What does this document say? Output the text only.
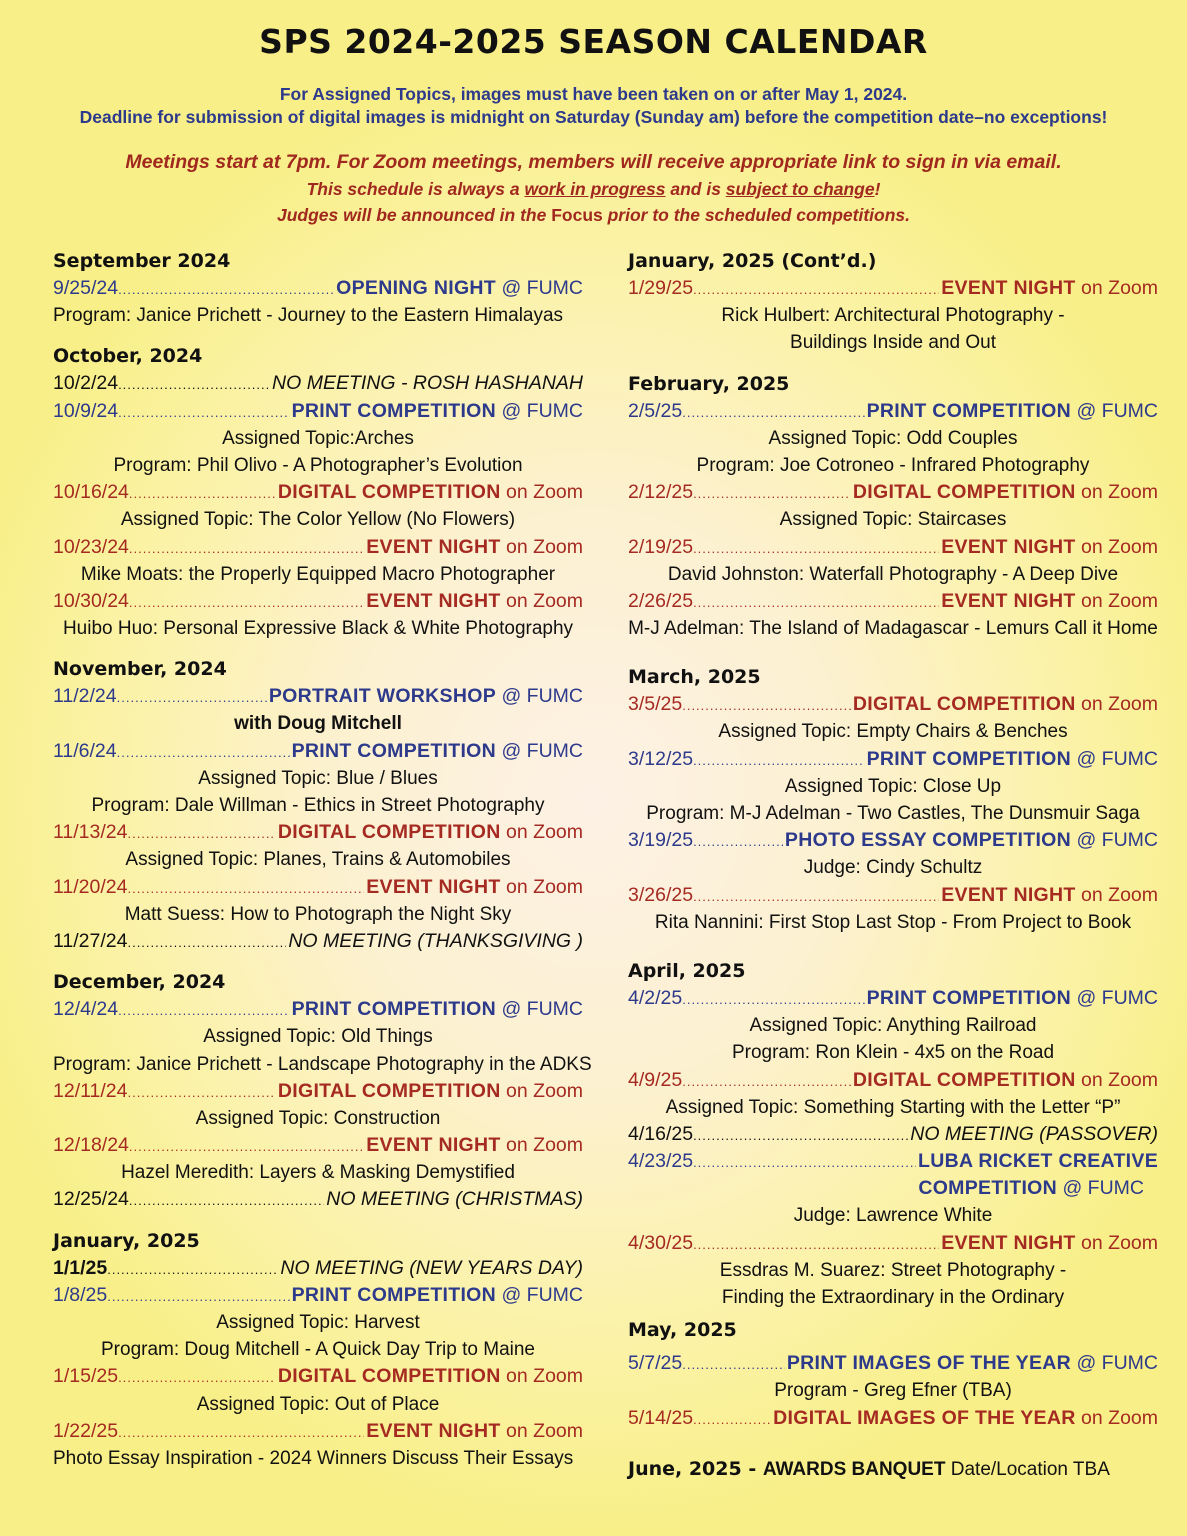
SPS 2024-2025 SEASON CALENDAR
For Assigned Topics, images must have been taken on or after May 1, 2024.
Deadline for submission of digital images is midnight on Saturday (Sunday am) before the competition date–no exceptions!
Meetings start at 7pm. For Zoom meetings, members will receive appropriate link to sign in via email.
This schedule is always a work in progress and is subject to change!
Judges will be announced in the Focus prior to the scheduled competitions.
September 2024
9/25/24 .....	OPENING NIGHT @ FUMC
Program: Janice Prichett - Journey to the Eastern Himalayas
October, 2024
10/2/24 .....	NO MEETING - ROSH HASHANAH
10/9/24 .....	PRINT COMPETITION @ FUMC
Assigned Topic:Arches
Program: Phil Olivo - A Photographer’s Evolution
10/16/24 .....	DIGITAL COMPETITION on Zoom
Assigned Topic: The Color Yellow (No Flowers)
10/23/24 .....	EVENT NIGHT on Zoom
Mike Moats: the Properly Equipped Macro Photographer
10/30/24 .....	EVENT NIGHT on Zoom
Huibo Huo: Personal Expressive Black & White Photography
November, 2024
11/2/24 .....	PORTRAIT WORKSHOP @ FUMC
with Doug Mitchell
11/6/24 .....	PRINT COMPETITION @ FUMC
Assigned Topic: Blue / Blues
Program: Dale Willman - Ethics in Street Photography
11/13/24 .....	DIGITAL COMPETITION on Zoom
Assigned Topic: Planes, Trains & Automobiles
11/20/24 .....	EVENT NIGHT on Zoom
Matt Suess: How to Photograph the Night Sky
11/27/24 .....	NO MEETING (THANKSGIVING )
December, 2024
12/4/24 .....	PRINT COMPETITION @ FUMC
Assigned Topic: Old Things
Program: Janice Prichett - Landscape Photography in the ADKS
12/11/24 .....	DIGITAL COMPETITION on Zoom
Assigned Topic: Construction
12/18/24 .....	EVENT NIGHT on Zoom
Hazel Meredith: Layers & Masking Demystified
12/25/24 .....	NO MEETING (CHRISTMAS)
January, 2025
1/1/25 .....	NO MEETING (NEW YEARS DAY)
1/8/25 .....	PRINT COMPETITION @ FUMC
Assigned Topic: Harvest
Program: Doug Mitchell - A Quick Day Trip to Maine
1/15/25 .....	DIGITAL COMPETITION on Zoom
Assigned Topic: Out of Place
1/22/25 .....	EVENT NIGHT on Zoom
Photo Essay Inspiration - 2024 Winners Discuss Their Essays
January, 2025 (Cont’d.)
1/29/25 .....	EVENT NIGHT on Zoom
Rick Hulbert: Architectural Photography -
Buildings Inside and Out
February, 2025
2/5/25 .....	PRINT COMPETITION @ FUMC
Assigned Topic: Odd Couples
Program: Joe Cotroneo - Infrared Photography
2/12/25 .....	DIGITAL COMPETITION on Zoom
Assigned Topic: Staircases
2/19/25 .....	EVENT NIGHT on Zoom
David Johnston: Waterfall Photography - A Deep Dive
2/26/25 .....	EVENT NIGHT on Zoom
M-J Adelman: The Island of Madagascar - Lemurs Call it Home
March, 2025
3/5/25 .....	DIGITAL COMPETITION on Zoom
Assigned Topic: Empty Chairs & Benches
3/12/25 .....	PRINT COMPETITION @ FUMC
Assigned Topic: Close Up
Program: M-J Adelman - Two Castles, The Dunsmuir Saga
3/19/25 .....	PHOTO ESSAY COMPETITION @ FUMC
Judge: Cindy Schultz
3/26/25 .....	EVENT NIGHT on Zoom
Rita Nannini: First Stop Last Stop - From Project to Book
April, 2025
4/2/25 .....	PRINT COMPETITION @ FUMC
Assigned Topic: Anything Railroad
Program: Ron Klein - 4x5 on the Road
4/9/25 .....	DIGITAL COMPETITION on Zoom
Assigned Topic: Something Starting with the Letter “P”
4/16/25 .....	NO MEETING (PASSOVER)
4/23/25 .....	LUBA RICKET CREATIVE
COMPETITION @ FUMC
Judge: Lawrence White
4/30/25 .....	EVENT NIGHT on Zoom
Essdras M. Suarez: Street Photography -
Finding the Extraordinary in the Ordinary
May, 2025
5/7/25 .....	PRINT IMAGES OF THE YEAR @ FUMC
Program - Greg Efner (TBA)
5/14/25 .....	DIGITAL IMAGES OF THE YEAR on Zoom
June, 2025 - AWARDS BANQUET Date/Location TBA
